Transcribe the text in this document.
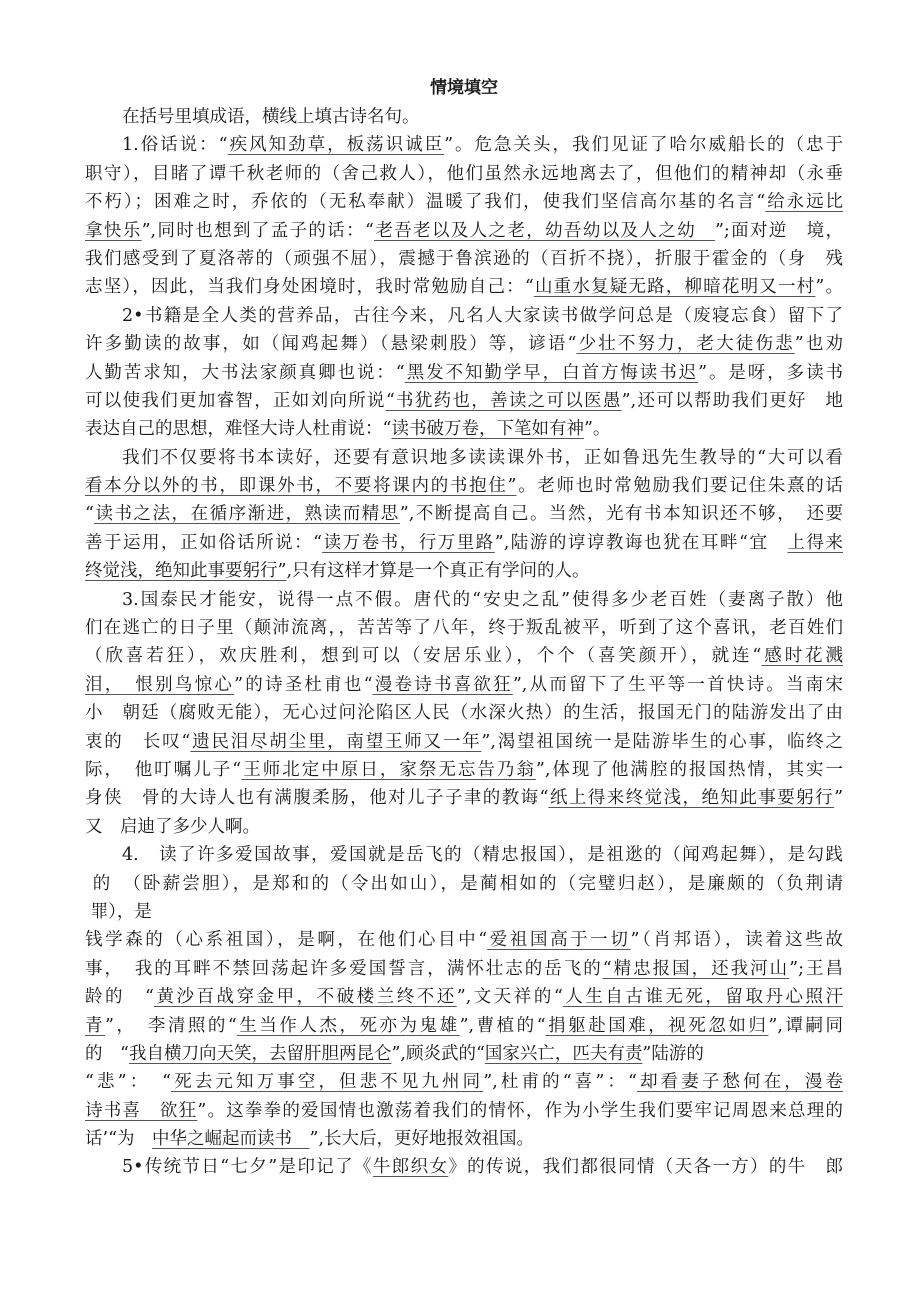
情境填空
在括号里填成语，横线上填古诗名句。
1.俗话说：“疾风知劲草，板荡识诚臣”。危急关头，我们见证了哈尔威船长的（忠于
职守），目睹了谭千秋老师的（舍己救人），他们虽然永远地离去了，但他们的精神却（永垂
不朽）；困难之时，乔依的（无私奉献）温暖了我们，使我们坚信高尔基的名言“给永远比
拿快乐”,同时也想到了孟子的话：“老吾老以及人之老，幼吾幼以及人之幼　”;面对逆　境，
我们感受到了夏洛蒂的（顽强不屈），震撼于鲁滨逊的（百折不挠），折服于霍金的（身　残
志坚），因此，当我们身处困境时，我时常勉励自己：“山重水复疑无路，柳暗花明又一村”。
2•书籍是全人类的营养品，古往今来，凡名人大家读书做学问总是（废寝忘食）留下了
许多勤读的故事，如（闻鸡起舞）（悬梁刺股）等，谚语“少壮不努力，老大徒伤悲”也劝
人勤苦求知，大书法家颜真卿也说：“黑发不知勤学早，白首方悔读书迟”。是呀，多读书
可以使我们更加睿智，正如刘向所说“书犹药也，善读之可以医愚”,还可以帮助我们更好　地
表达自己的思想，难怪大诗人杜甫说：“读书破万卷，下笔如有神”。
我们不仅要将书本读好，还要有意识地多读读课外书，正如鲁迅先生教导的“大可以看
看本分以外的书，即课外书，不要将课内的书抱住”。老师也时常勉励我们要记住朱熹的话
“读书之法，在循序渐进，熟读而精思”,不断提高自己。当然，光有书本知识还不够，　还要
善于运用，正如俗话所说：“读万卷书，行万里路”,陆游的谆谆教诲也犹在耳畔“宜　上得来
终觉浅，绝知此事要躬行”,只有这样才算是一个真正有学问的人。
3.国泰民才能安，说得一点不假。唐代的“安史之乱”使得多少老百姓（妻离子散）他
们在逃亡的日子里（颠沛流离，，苦苦等了八年，终于叛乱被平，听到了这个喜讯，老百姓们
（欣喜若狂），欢庆胜利，想到可以（安居乐业），个个（喜笑颜开），就连“感时花溅
泪，　恨别鸟惊心”的诗圣杜甫也“漫卷诗书喜欲狂”,从而留下了生平等一首快诗。当南宋
小　朝廷（腐败无能），无心过问沦陷区人民（水深火热）的生活，报国无门的陆游发出了由
衷的　长叹“遗民泪尽胡尘里，南望王师又一年”,渴望祖国统一是陆游毕生的心事，临终之
际，　他叮嘱儿子“王师北定中原日，家祭无忘告乃翁”,体现了他满腔的报国热情，其实一
身侠　骨的大诗人也有满腹柔肠，他对儿子子聿的教诲“纸上得来终觉浅，绝知此事要躬行”
又　启迪了多少人啊。
4.　读了许多爱国故事，爱国就是岳飞的（精忠报国），是祖逖的（闻鸡起舞），是勾践
的　（卧薪尝胆），是郑和的（令出如山），是蔺相如的（完璧归赵），是廉颇的（负荆请
罪），是
钱学森的（心系祖国），是啊，在他们心目中“爱祖国高于一切”（肖邦语），读着这些故
事，　我的耳畔不禁回荡起许多爱国誓言，满怀壮志的岳飞的“精忠报国，还我河山”;王昌
龄的　“黄沙百战穿金甲，不破楼兰终不还”,文天祥的“人生自古谁无死，留取丹心照汗
青”，　李清照的“生当作人杰，死亦为鬼雄”,曹植的“捐躯赴国难，视死忽如归”,谭嗣同
的　“我自横刀向天笑，去留肝胆两昆仑”,顾炎武的“国家兴亡，匹夫有责”陆游的
“悲”：　“死去元知万事空，但悲不见九州同”,杜甫的“喜”：“却看妻子愁何在，漫卷
诗书喜　欲狂”。这拳拳的爱国情也激荡着我们的情怀，作为小学生我们要牢记周恩来总理的
话’“为　中华之崛起而读书　”,长大后，更好地报效祖国。
5•传统节日“七夕”是印记了《牛郎织女》的传说，我们都很同情（天各一方）的牛　郎
